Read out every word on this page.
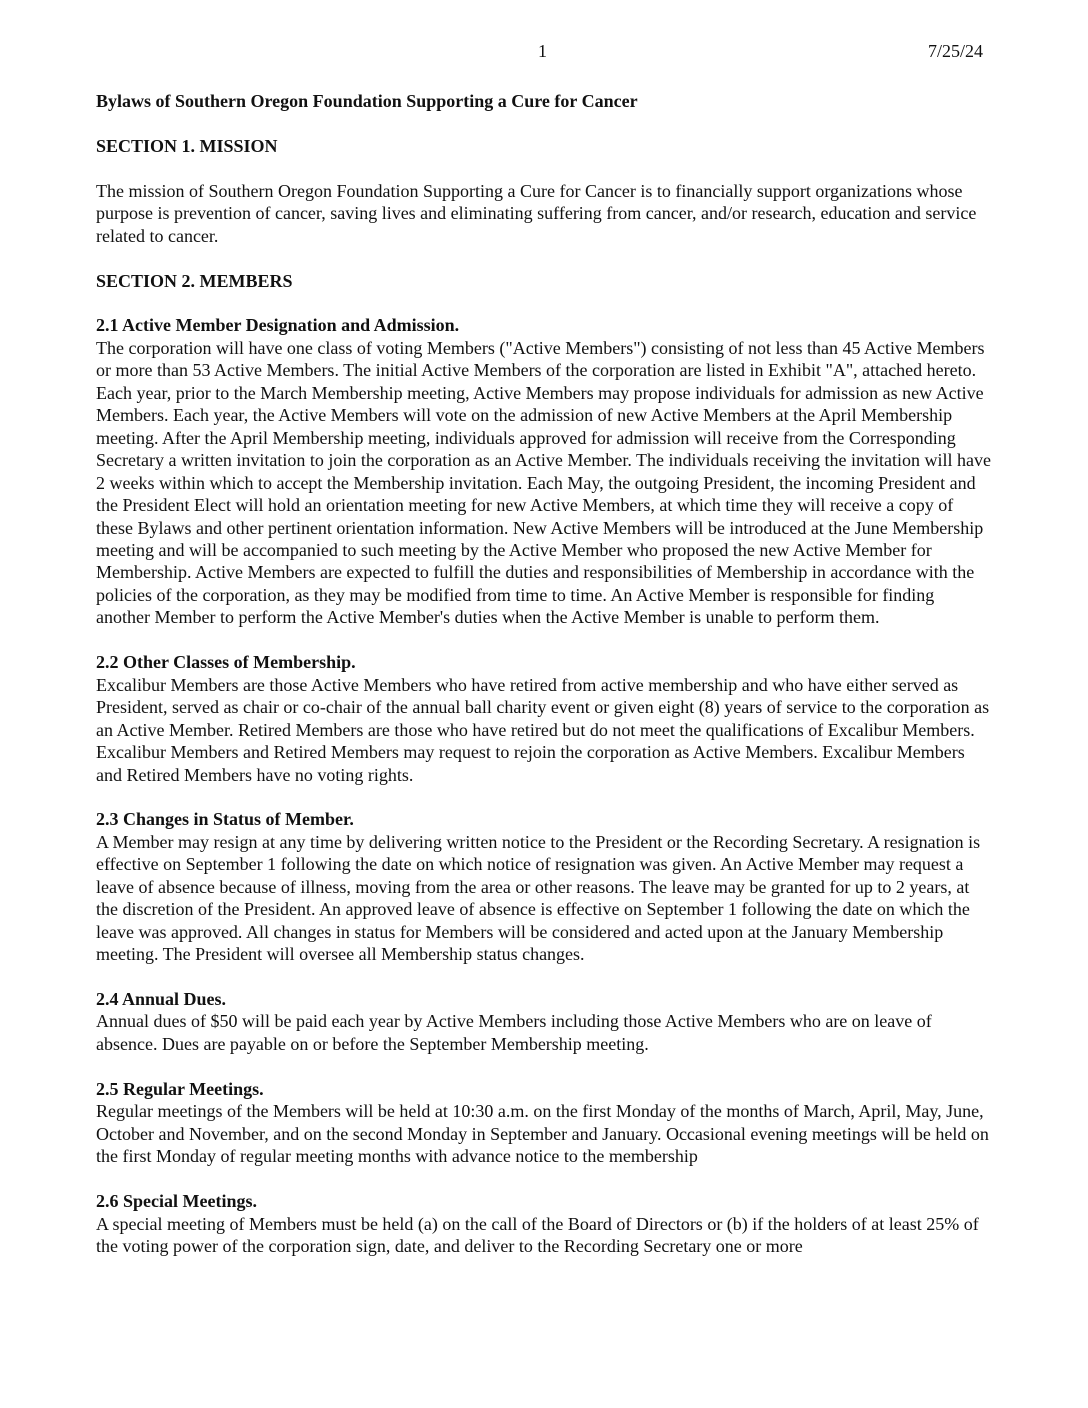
1	7/25/24
Bylaws of Southern Oregon Foundation Supporting a Cure for Cancer
SECTION 1. MISSION

The mission of Southern Oregon Foundation Supporting a Cure for Cancer is to financially support organizations whose purpose is prevention of cancer, saving lives and eliminating suffering from cancer, and/or research, education and service related to cancer.

SECTION 2. MEMBERS
2.1 Active Member Designation and Admission.
The corporation will have one class of voting Members ("Active Members") consisting of not less than 45 Active Members or more than 53 Active Members. The initial Active Members of the corporation are listed in Exhibit "A", attached hereto. Each year, prior to the March Membership meeting, Active Members may propose individuals for admission as new Active Members. Each year, the Active Members will vote on the admission of new Active Members at the April Membership meeting. After the April Membership meeting, individuals approved for admission will receive from the Corresponding Secretary a written invitation to join the corporation as an Active Member. The individuals receiving the invitation will have 2 weeks within which to accept the Membership invitation. Each May, the outgoing President, the incoming President and the President Elect will hold an orientation meeting for new Active Members, at which time they will receive a copy of these Bylaws and other pertinent orientation information. New Active Members will be introduced at the June Membership meeting and will be accompanied to such meeting by the Active Member who proposed the new Active Member for Membership. Active Members are expected to fulfill the duties and responsibilities of Membership in accordance with the policies of the corporation, as they may be modified from time to time. An Active Member is responsible for finding another Member to perform the Active Member's duties when the Active Member is unable to perform them.
2.2 Other Classes of Membership.
Excalibur Members are those Active Members who have retired from active membership and who have either served as President, served as chair or co-chair of the annual ball charity event or given eight (8) years of service to the corporation as an Active Member. Retired Members are those who have retired but do not meet the qualifications of Excalibur Members. Excalibur Members and Retired Members may request to rejoin the corporation as Active Members. Excalibur Members and Retired Members have no voting rights.
2.3 Changes in Status of Member.
A Member may resign at any time by delivering written notice to the President or the Recording Secretary. A resignation is effective on September 1 following the date on which notice of resignation was given. An Active Member may request a leave of absence because of illness, moving from the area or other reasons. The leave may be granted for up to 2 years, at the discretion of the President. An approved leave of absence is effective on September 1 following the date on which the leave was approved. All changes in status for Members will be considered and acted upon at the January Membership meeting. The President will oversee all Membership status changes.
2.4 Annual Dues.
Annual dues of $50 will be paid each year by Active Members including those Active Members who are on leave of absence. Dues are payable on or before the September Membership meeting.
2.5 Regular Meetings.
Regular meetings of the Members will be held at 10:30 a.m. on the first Monday of the months of March, April, May, June, October and November, and on the second Monday in September and January. Occasional evening meetings will be held on the first Monday of regular meeting months with advance notice to the membership
2.6 Special Meetings.
A special meeting of Members must be held (a) on the call of the Board of Directors or (b) if the holders of at least 25% of the voting power of the corporation sign, date, and deliver to the Recording Secretary one or more
